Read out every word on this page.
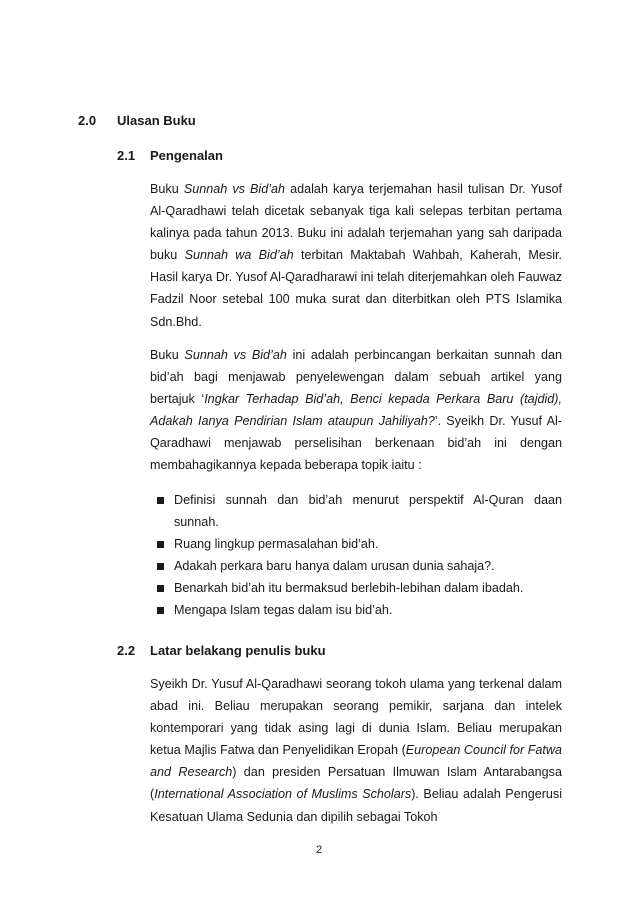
2.0 Ulasan Buku
2.1 Pengenalan

Buku Sunnah vs Bid’ah adalah karya terjemahan hasil tulisan Dr. Yusof Al-Qaradhawi telah dicetak sebanyak tiga kali selepas terbitan pertama kalinya pada tahun 2013. Buku ini adalah terjemahan yang sah daripada buku Sunnah wa Bid’ah terbitan Maktabah Wahbah, Kaherah, Mesir. Hasil karya Dr. Yusof Al-Qaradharawi ini telah diterjemahkan oleh Fauwaz Fadzil Noor setebal 100 muka surat dan diterbitkan oleh PTS Islamika Sdn.Bhd.

Buku Sunnah vs Bid’ah ini adalah perbincangan berkaitan sunnah dan bid’ah bagi menjawab penyelewengan dalam sebuah artikel yang bertajuk ‘Ingkar Terhadap Bid’ah, Benci kepada Perkara Baru (tajdid), Adakah Ianya Pendirian Islam ataupun Jahiliyah?’. Syeikh Dr. Yusuf Al-Qaradhawi menjawab perselisihan berkenaan bid’ah ini dengan membahagikannya kepada beberapa topik iaitu :

Definisi sunnah dan bid’ah menurut perspektif Al-Quran daan sunnah.
Ruang lingkup permasalahan bid’ah.
Adakah perkara baru hanya dalam urusan dunia sahaja?.
Benarkah bid’ah itu bermaksud berlebih-lebihan dalam ibadah.
Mengapa Islam tegas dalam isu bid’ah.
2.2 Latar belakang penulis buku

Syeikh Dr. Yusuf Al-Qaradhawi seorang tokoh ulama yang terkenal dalam abad ini. Beliau merupakan seorang pemikir, sarjana dan intelek kontemporari yang tidak asing lagi di dunia Islam. Beliau merupakan ketua Majlis Fatwa dan Penyelidikan Eropah (European Council for Fatwa and Research) dan presiden Persatuan Ilmuwan Islam Antarabangsa (International Association of Muslims Scholars). Beliau adalah Pengerusi Kesatuan Ulama Sedunia dan dipilih sebagai Tokoh

2
